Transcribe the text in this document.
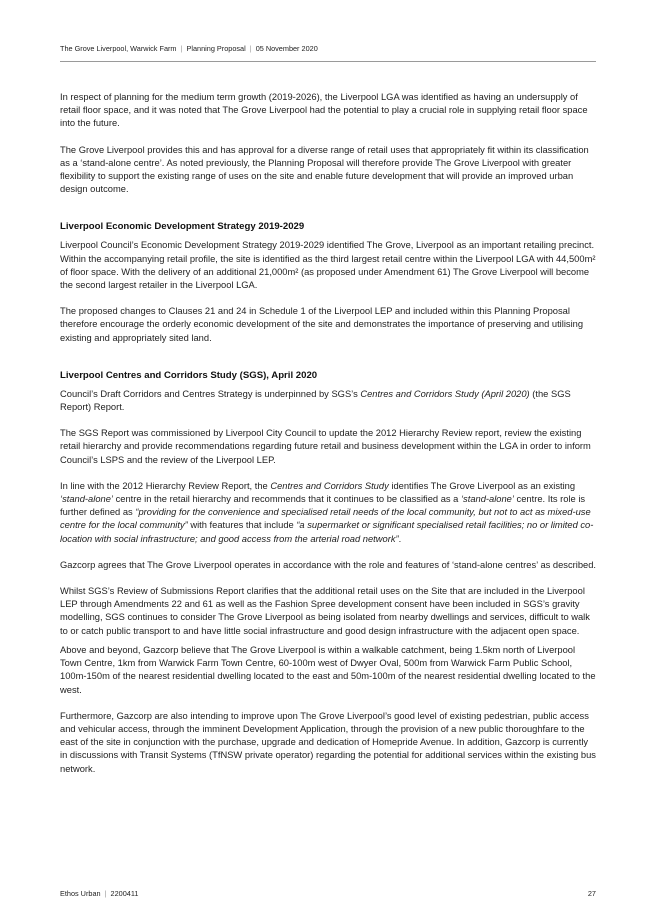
The Grove Liverpool, Warwick Farm | Planning Proposal | 05 November 2020

In respect of planning for the medium term growth (2019-2026), the Liverpool LGA was identified as having an undersupply of retail floor space, and it was noted that The Grove Liverpool had the potential to play a crucial role in supplying retail floor space into the future.

The Grove Liverpool provides this and has approval for a diverse range of retail uses that appropriately fit within its classification as a ‘stand-alone centre’. As noted previously, the Planning Proposal will therefore provide The Grove Liverpool with greater flexibility to support the existing range of uses on the site and enable future development that will provide an improved urban design outcome.

Liverpool Economic Development Strategy 2019-2029

Liverpool Council’s Economic Development Strategy 2019-2029 identified The Grove, Liverpool as an important retailing precinct. Within the accompanying retail profile, the site is identified as the third largest retail centre within the Liverpool LGA with 44,500m² of floor space. With the delivery of an additional 21,000m² (as proposed under Amendment 61) The Grove Liverpool will become the second largest retailer in the Liverpool LGA.

The proposed changes to Clauses 21 and 24 in Schedule 1 of the Liverpool LEP and included within this Planning Proposal therefore encourage the orderly economic development of the site and demonstrates the importance of preserving and utilising existing and appropriately sited land.

Liverpool Centres and Corridors Study (SGS), April 2020

Council’s Draft Corridors and Centres Strategy is underpinned by SGS’s Centres and Corridors Study (April 2020) (the SGS Report) Report.

The SGS Report was commissioned by Liverpool City Council to update the 2012 Hierarchy Review report, review the existing retail hierarchy and provide recommendations regarding future retail and business development within the LGA in order to inform Council’s LSPS and the review of the Liverpool LEP.

In line with the 2012 Hierarchy Review Report, the Centres and Corridors Study identifies The Grove Liverpool as an existing ‘stand-alone’ centre in the retail hierarchy and recommends that it continues to be classified as a ‘stand-alone’ centre. Its role is further defined as “providing for the convenience and specialised retail needs of the local community, but not to act as mixed-use centre for the local community” with features that include “a supermarket or significant specialised retail facilities; no or limited co-location with social infrastructure; and good access from the arterial road network”.

Gazcorp agrees that The Grove Liverpool operates in accordance with the role and features of ‘stand-alone centres’ as described.

Whilst SGS’s Review of Submissions Report clarifies that the additional retail uses on the Site that are included in the Liverpool LEP through Amendments 22 and 61 as well as the Fashion Spree development consent have been included in SGS’s gravity modelling, SGS continues to consider The Grove Liverpool as being isolated from nearby dwellings and services, difficult to walk to or catch public transport to and have little social infrastructure and good design infrastructure with the adjacent open space.

Above and beyond, Gazcorp believe that The Grove Liverpool is within a walkable catchment, being 1.5km north of Liverpool Town Centre, 1km from Warwick Farm Town Centre, 60-100m west of Dwyer Oval, 500m from Warwick Farm Public School, 100m-150m of the nearest residential dwelling located to the east and 50m-100m of the nearest residential dwelling located to the west.

Furthermore, Gazcorp are also intending to improve upon The Grove Liverpool’s good level of existing pedestrian, public access and vehicular access, through the imminent Development Application, through the provision of a new public thoroughfare to the east of the site in conjunction with the purchase, upgrade and dedication of Homepride Avenue. In addition, Gazcorp is currently in discussions with Transit Systems (TfNSW private operator) regarding the potential for additional services within the existing bus network.

Ethos Urban | 2200411	27
